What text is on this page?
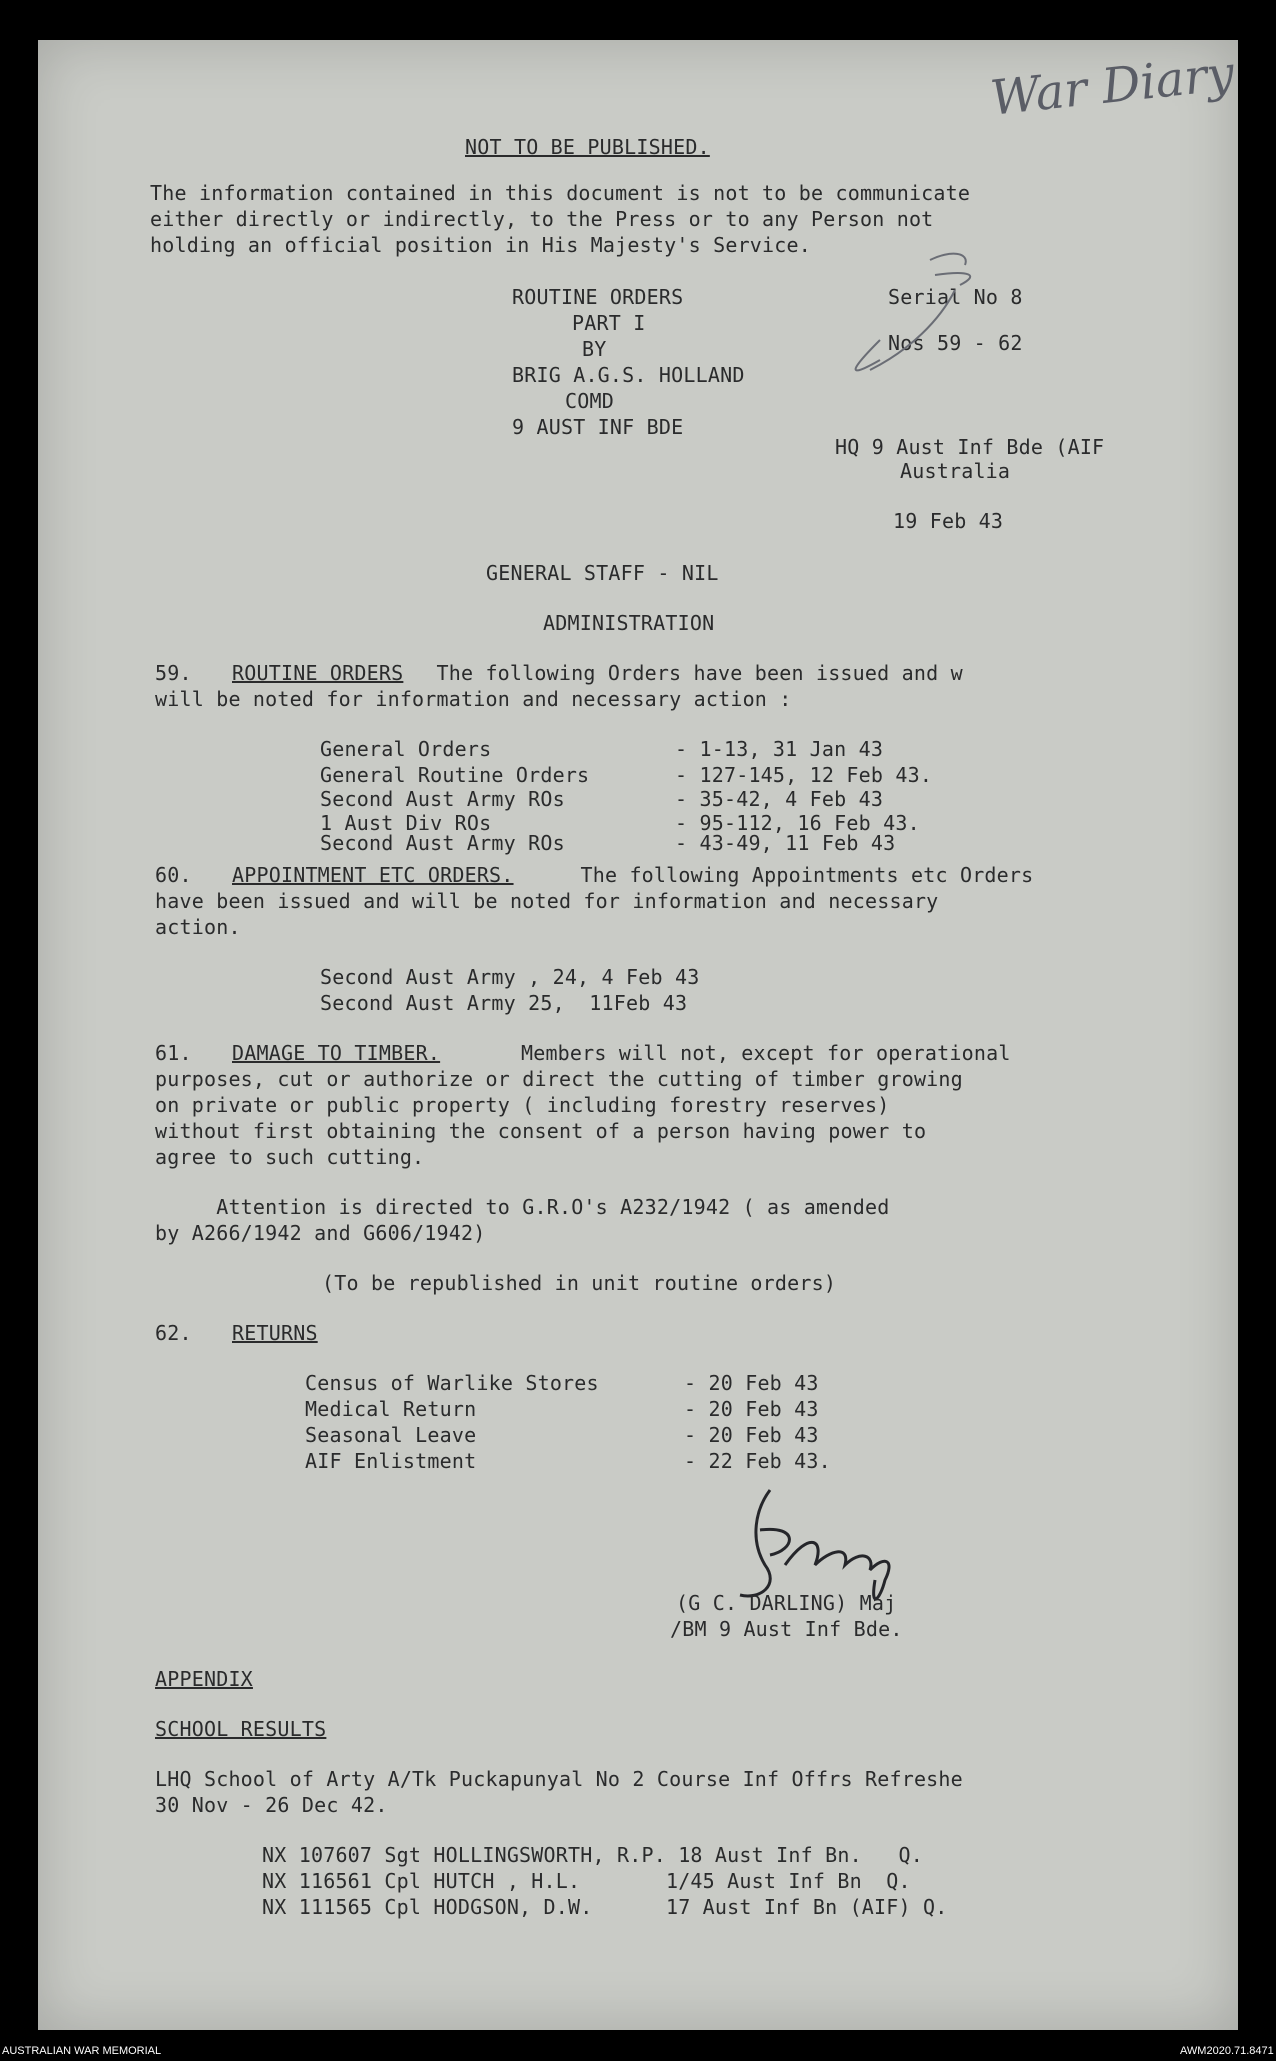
War Diary
NOT TO BE PUBLISHED.
The information contained in this document is not to be communicate
either directly or indirectly, to the Press or to any Person not
holding an official position in His Majesty's Service.
ROUTINE ORDERS
PART I
BY
BRIG A.G.S. HOLLAND
COMD
9 AUST INF BDE
Serial No 8
Nos 59 - 62
HQ 9 Aust Inf Bde (AIF
Australia
19 Feb 43
GENERAL STAFF - NIL
ADMINISTRATION
59. ROUTINE ORDERS The following Orders have been issued and w
will be noted for information and necessary action :
General Orders	- 1-13, 31 Jan 43
General Routine Orders	- 127-145, 12 Feb 43.
Second Aust Army ROs	- 35-42, 4 Feb 43
1 Aust Div ROs	- 95-112, 16 Feb 43.
Second Aust Army ROs	- 43-49, 11 Feb 43
60. APPOINTMENT ETC ORDERS. The following Appointments etc Orders
have been issued and will be noted for information and necessary
action.
Second Aust Army , 24, 4 Feb 43
Second Aust Army 25,  11Feb 43
61. DAMAGE TO TIMBER. Members will not, except for operational
purposes, cut or authorize or direct the cutting of timber growing
on private or public property ( including forestry reserves)
without first obtaining the consent of a person having power to
agree to such cutting.
Attention is directed to G.R.O's A232/1942 ( as amended
by A266/1942 and G606/1942)
(To be republished in unit routine orders)
62. RETURNS
Census of Warlike Stores	- 20 Feb 43
Medical Return	- 20 Feb 43
Seasonal Leave	- 20 Feb 43
AIF Enlistment	- 22 Feb 43.
(G C. DARLING) Maj
/BM 9 Aust Inf Bde.
APPENDIX
SCHOOL RESULTS
LHQ School of Arty A/Tk Puckapunyal No 2 Course Inf Offrs Refreshe
30 Nov - 26 Dec 42.
NX 107607 Sgt HOLLINGSWORTH, R.P. 18 Aust Inf Bn.   Q.
NX 116561 Cpl HUTCH , H.L.       1/45 Aust Inf Bn  Q.
NX 111565 Cpl HODGSON, D.W.      17 Aust Inf Bn (AIF) Q.
AUSTRALIAN WAR MEMORIAL	AWM2020.71.8471
